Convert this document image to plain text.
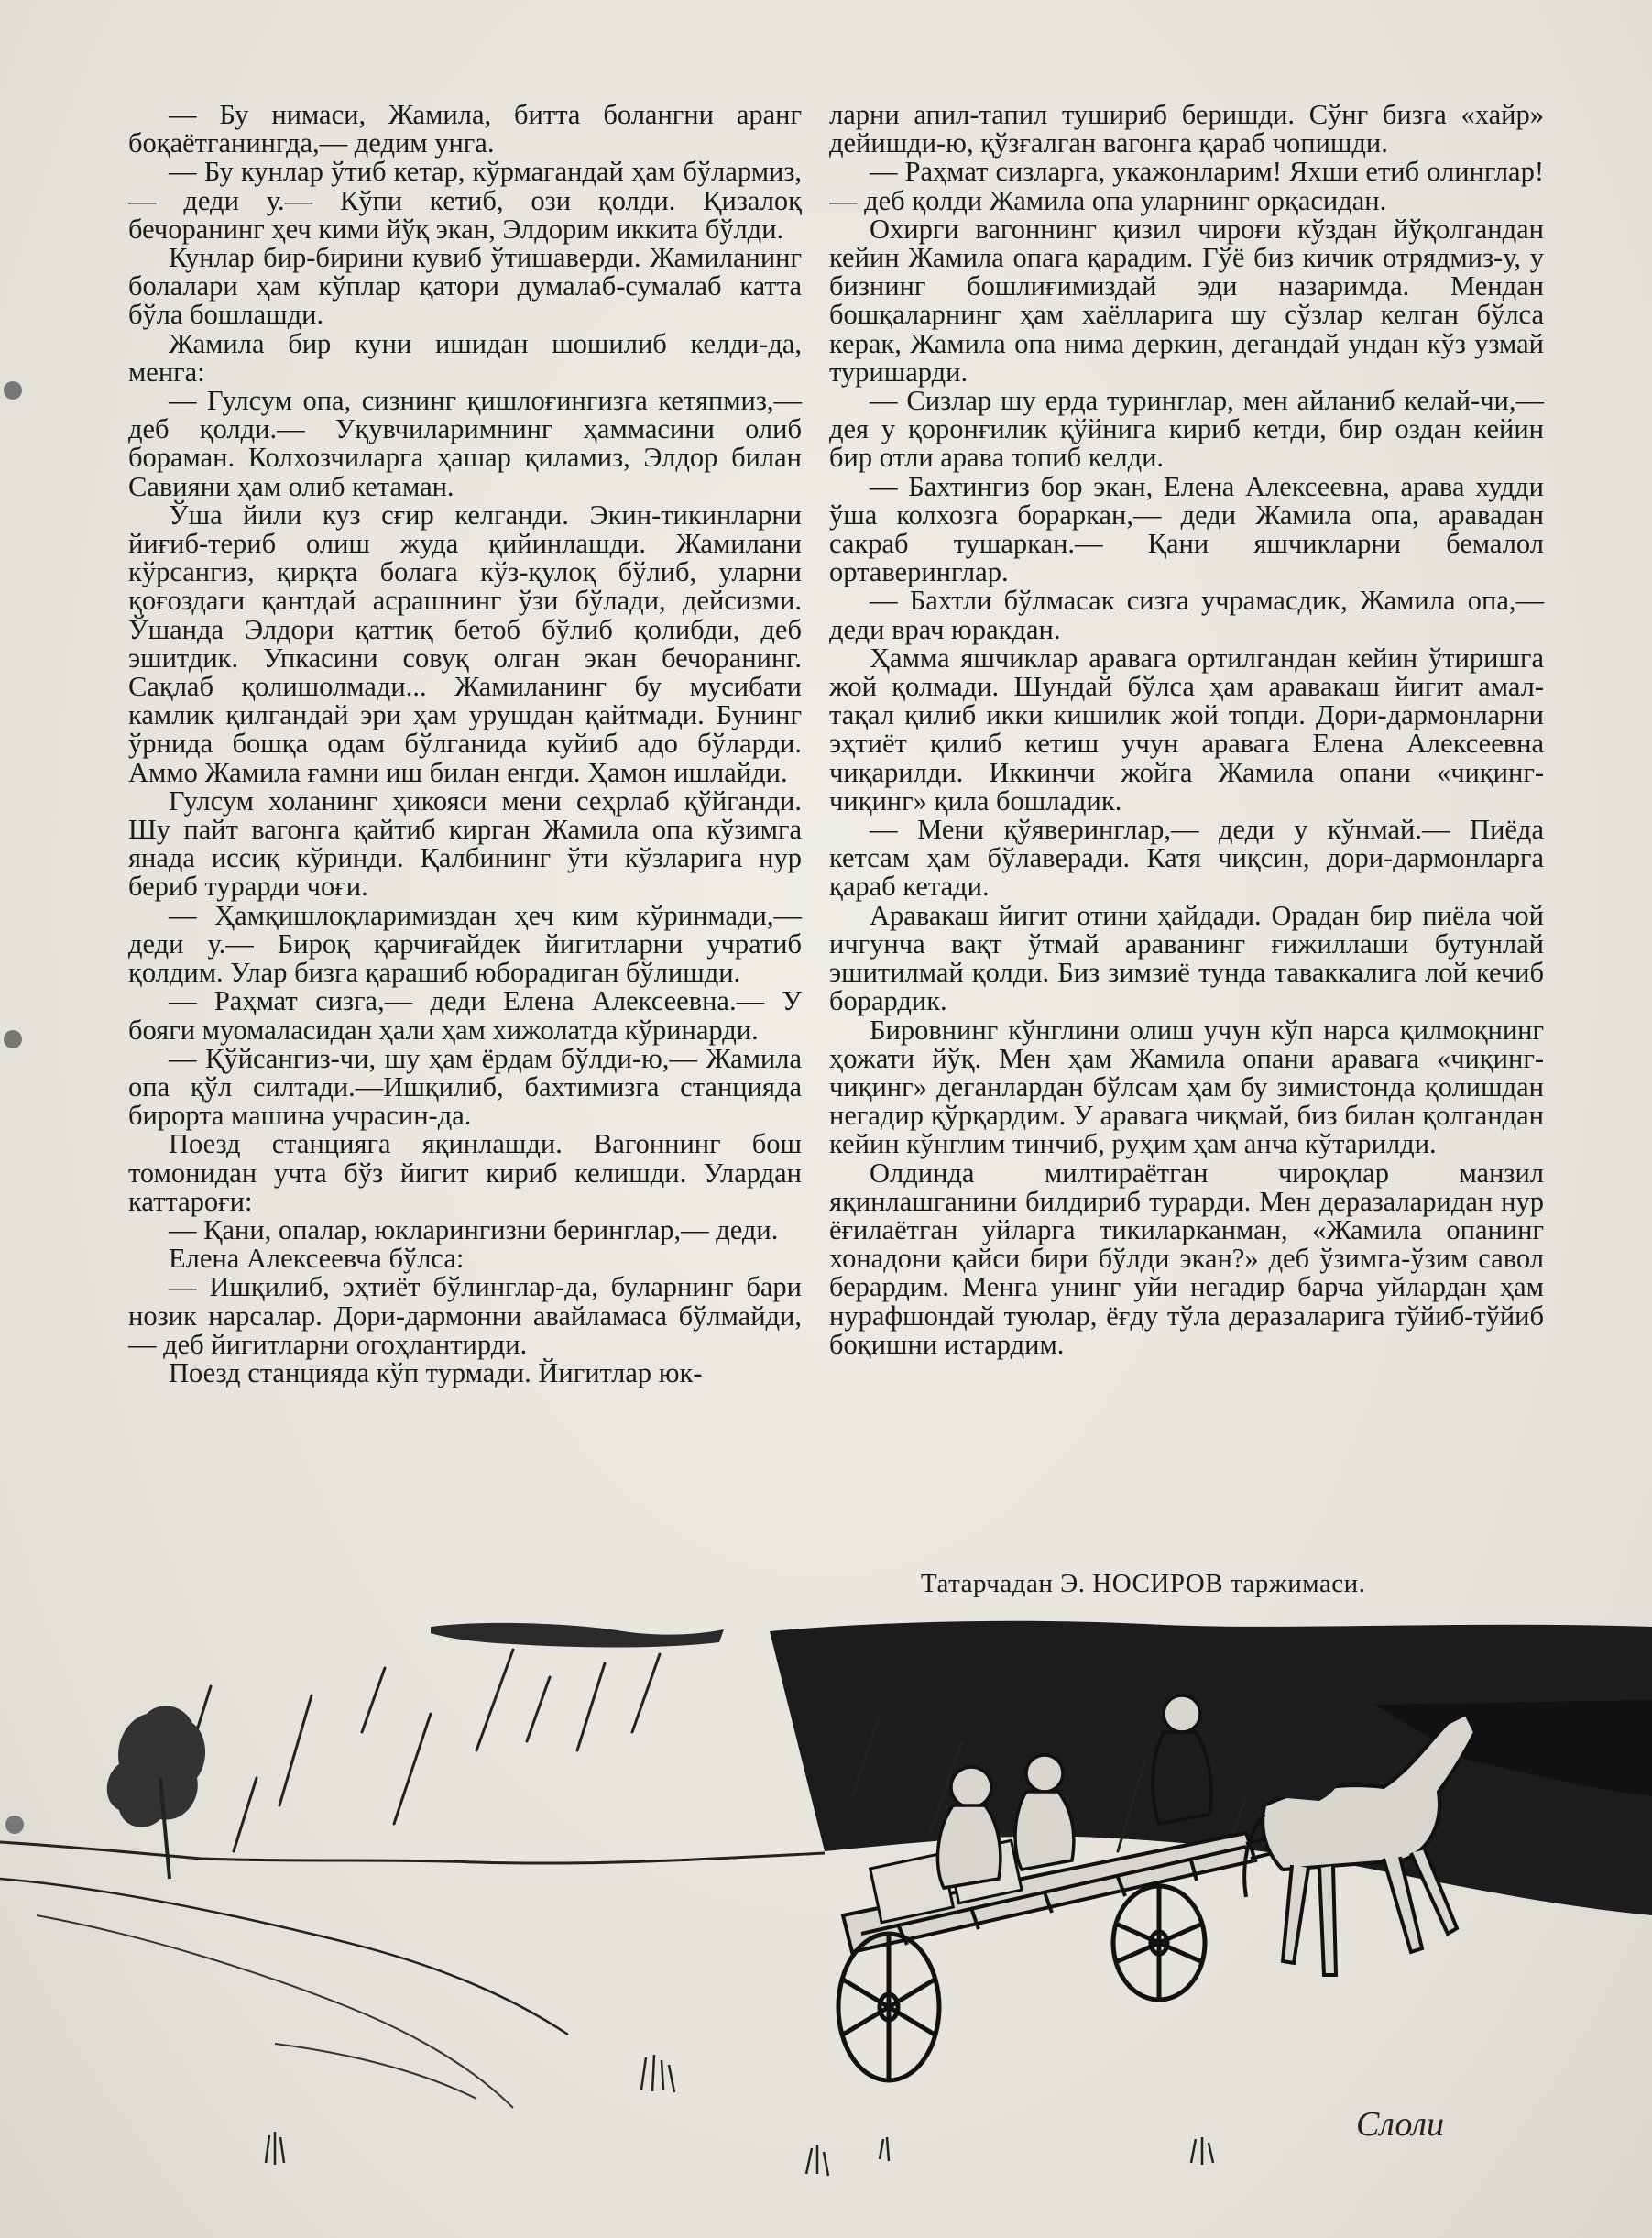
— Бу нимаси, Жамила, битта болангни аранг боқаётганингда,— дедим унга.

— Бу кунлар ўтиб кетар, кўрмагандай ҳам бўлармиз,— деди у.— Кўпи кетиб, ози қолди. Қизалоқ бечоранинг ҳеч кими йўқ экан, Элдорим иккита бўлди.

Кунлар бир-бирини кувиб ўтишаверди. Жамиланинг болалари ҳам кўплар қатори думалаб-сумалаб катта бўла бошлашди.

Жамила бир куни ишидан шошилиб келди-да, менга:

— Гулсум опа, сизнинг қишлоғингизга кетяпмиз,— деб қолди.— Уқувчиларимнинг ҳаммасини олиб бораман. Колхозчиларга ҳашар қиламиз, Элдор билан Савияни ҳам олиб кетаман.

Ўша йили куз сғир келганди. Экин-тикинларни йиғиб-териб олиш жуда қийинлашди. Жамилани кўрсангиз, қирқта болага кўз-қулоқ бўлиб, уларни қоғоздаги қантдай асрашнинг ўзи бўлади, дейсизми. Ўшанда Элдори қаттиқ бетоб бўлиб қолибди, деб эшитдик. Упкасини совуқ олган экан бечоранинг. Сақлаб қолишолмади... Жамиланинг бу мусибати камлик қилгандай эри ҳам урушдан қайтмади. Бунинг ўрнида бошқа одам бўлганида куйиб адо бўларди. Аммо Жамила ғамни иш билан енгди. Ҳамон ишлайди.

Гулсум холанинг ҳикояси мени сеҳрлаб қўйганди. Шу пайт вагонга қайтиб кирган Жамила опа кўзимга янада иссиқ кўринди. Қалбининг ўти кўзларига нур бериб турарди чоғи.

— Ҳамқишлоқларимиздан ҳеч ким кўринмади,— деди у.— Бироқ қарчиғайдек йигитларни учратиб қолдим. Улар бизга қарашиб юборадиган бўлишди.

— Раҳмат сизга,— деди Елена Алексеевна.— У бояги муомаласидан ҳали ҳам хижолатда кўринарди.

— Қўйсангиз-чи, шу ҳам ёрдам бўлди-ю,— Жамила опа қўл силтади.—Ишқилиб, бахтимизга станцияда бирорта машина учрасин-да.

Поезд станцияга яқинлашди. Вагоннинг бош томонидан учта бўз йигит кириб келишди. Улардан каттароғи:

— Қани, опалар, юкларингизни беринглар,— деди.

Елена Алексеевча бўлса:

— Ишқилиб, эҳтиёт бўлинглар-да, буларнинг бари нозик нарсалар. Дори-дармонни авайламаса бўлмайди,— деб йигитларни огоҳлантирди.

Поезд станцияда кўп турмади. Йигитлар юк-

ларни апил-тапил тушириб беришди. Сўнг бизга «хайр» дейишди-ю, қўзғалган вагонга қараб чопишди.

— Раҳмат сизларга, укажонларим! Яхши етиб олинглар!— деб қолди Жамила опа уларнинг орқасидан.

Охирги вагоннинг қизил чироғи кўздан йўқолгандан кейин Жамила опага қарадим. Гўё биз кичик отрядмиз-у, у бизнинг бошлиғимиздай эди назаримда. Мендан бошқаларнинг ҳам хаёлларига шу сўзлар келган бўлса керак, Жамила опа нима деркин, дегандай ундан кўз узмай туришарди.

— Сизлар шу ерда туринглар, мен айланиб келай-чи,— дея у қоронғилик қўйнига кириб кетди, бир оздан кейин бир отли арава топиб келди.

— Бахтингиз бор экан, Елена Алексеевна, арава худди ўша колхозга бораркан,— деди Жамила опа, аравадан сакраб тушаркан.— Қани яшчикларни бемалол ортаверинглар.

— Бахтли бўлмасак сизга учрамасдик, Жамила опа,— деди врач юракдан.

Ҳамма яшчиклар аравага ортилгандан кейин ўтиришга жой қолмади. Шундай бўлса ҳам аравакаш йигит амал-тақал қилиб икки кишилик жой топди. Дори-дармонларни эҳтиёт қилиб кетиш учун аравага Елена Алексеевна чиқарилди. Иккинчи жойга Жамила опани «чиқинг-чиқинг» қила бошладик.

— Мени қўяверинглар,— деди у кўнмай.— Пиёда кетсам ҳам бўлаверади. Катя чиқсин, дори-дармонларга қараб кетади.

Аравакаш йигит отини ҳайдади. Орадан бир пиёла чой ичгунча вақт ўтмай араванинг ғижиллаши бутунлай эшитилмай қолди. Биз зимзиё тунда таваккалига лой кечиб борардик.

Бировнинг кўнглини олиш учун кўп нарса қилмоқнинг ҳожати йўқ. Мен ҳам Жамила опани аравага «чиқинг-чиқинг» деганлардан бўлсам ҳам бу зимистонда қолишдан негадир қўрқардим. У аравага чиқмай, биз билан қолгандан кейин кўнглим тинчиб, руҳим ҳам анча кўтарилди.

Олдинда милтираётган чироқлар манзил яқинлашганини билдириб турарди. Мен деразаларидан нур ёғилаётган уйларга тикиларканман, «Жамила опанинг хонадони қайси бири бўлди экан?» деб ўзимга-ўзим савол берардим. Менга унинг уйи негадир барча уйлардан ҳам нурафшондай туюлар, ёғду тўла деразаларига тўйиб-тўйиб боқишни истардим.

Татарчадан Э. НОСИРОВ таржимаси.
Слоли
